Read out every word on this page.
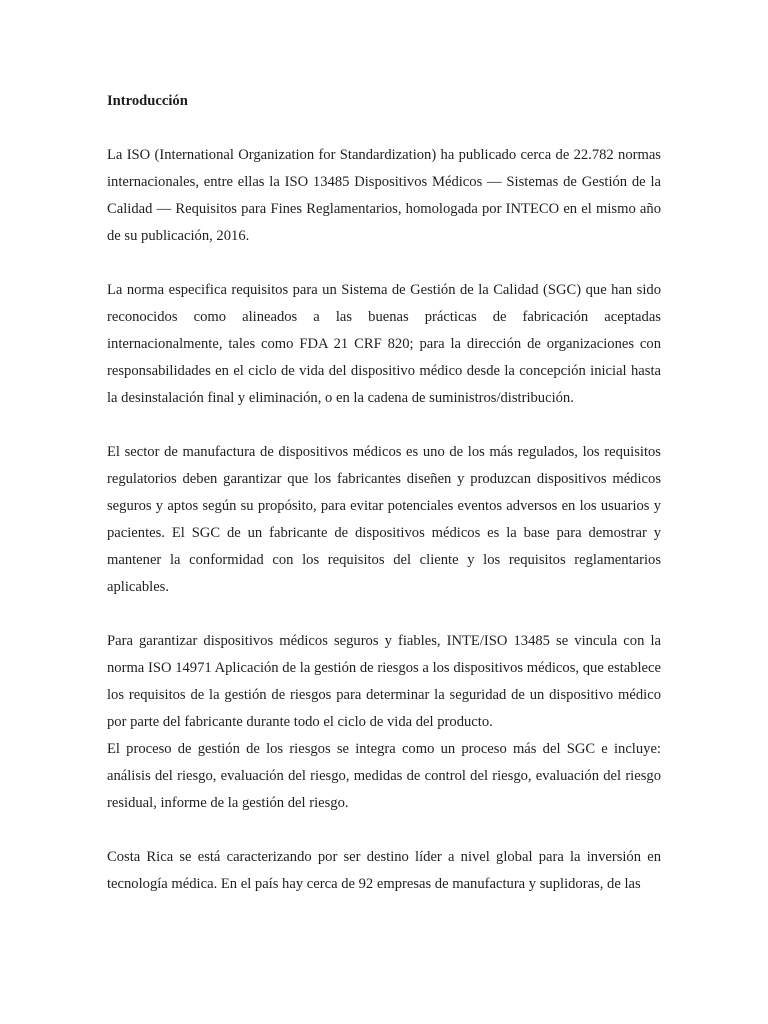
Introducción

La ISO (International Organization for Standardization) ha publicado cerca de 22.782 normas internacionales, entre ellas la ISO 13485 Dispositivos Médicos — Sistemas de Gestión de la Calidad — Requisitos para Fines Reglamentarios, homologada por INTECO en el mismo año de su publicación, 2016.

La norma especifica requisitos para un Sistema de Gestión de la Calidad (SGC) que han sido reconocidos como alineados a las buenas prácticas de fabricación aceptadas internacionalmente, tales como FDA 21 CRF 820; para la dirección de organizaciones con responsabilidades en el ciclo de vida del dispositivo médico desde la concepción inicial hasta la desinstalación final y eliminación, o en la cadena de suministros/distribución.

El sector de manufactura de dispositivos médicos es uno de los más regulados, los requisitos regulatorios deben garantizar que los fabricantes diseñen y produzcan dispositivos médicos seguros y aptos según su propósito, para evitar potenciales eventos adversos en los usuarios y pacientes. El SGC de un fabricante de dispositivos médicos es la base para demostrar y mantener la conformidad con los requisitos del cliente y los requisitos reglamentarios aplicables.

Para garantizar dispositivos médicos seguros y fiables, INTE/ISO 13485 se vincula con la norma ISO 14971 Aplicación de la gestión de riesgos a los dispositivos médicos, que establece los requisitos de la gestión de riesgos para determinar la seguridad de un dispositivo médico por parte del fabricante durante todo el ciclo de vida del producto.

El proceso de gestión de los riesgos se integra como un proceso más del SGC e incluye: análisis del riesgo, evaluación del riesgo, medidas de control del riesgo, evaluación del riesgo residual, informe de la gestión del riesgo.

Costa Rica se está caracterizando por ser destino líder a nivel global para la inversión en tecnología médica. En el país hay cerca de 92 empresas de manufactura y suplidoras, de las
